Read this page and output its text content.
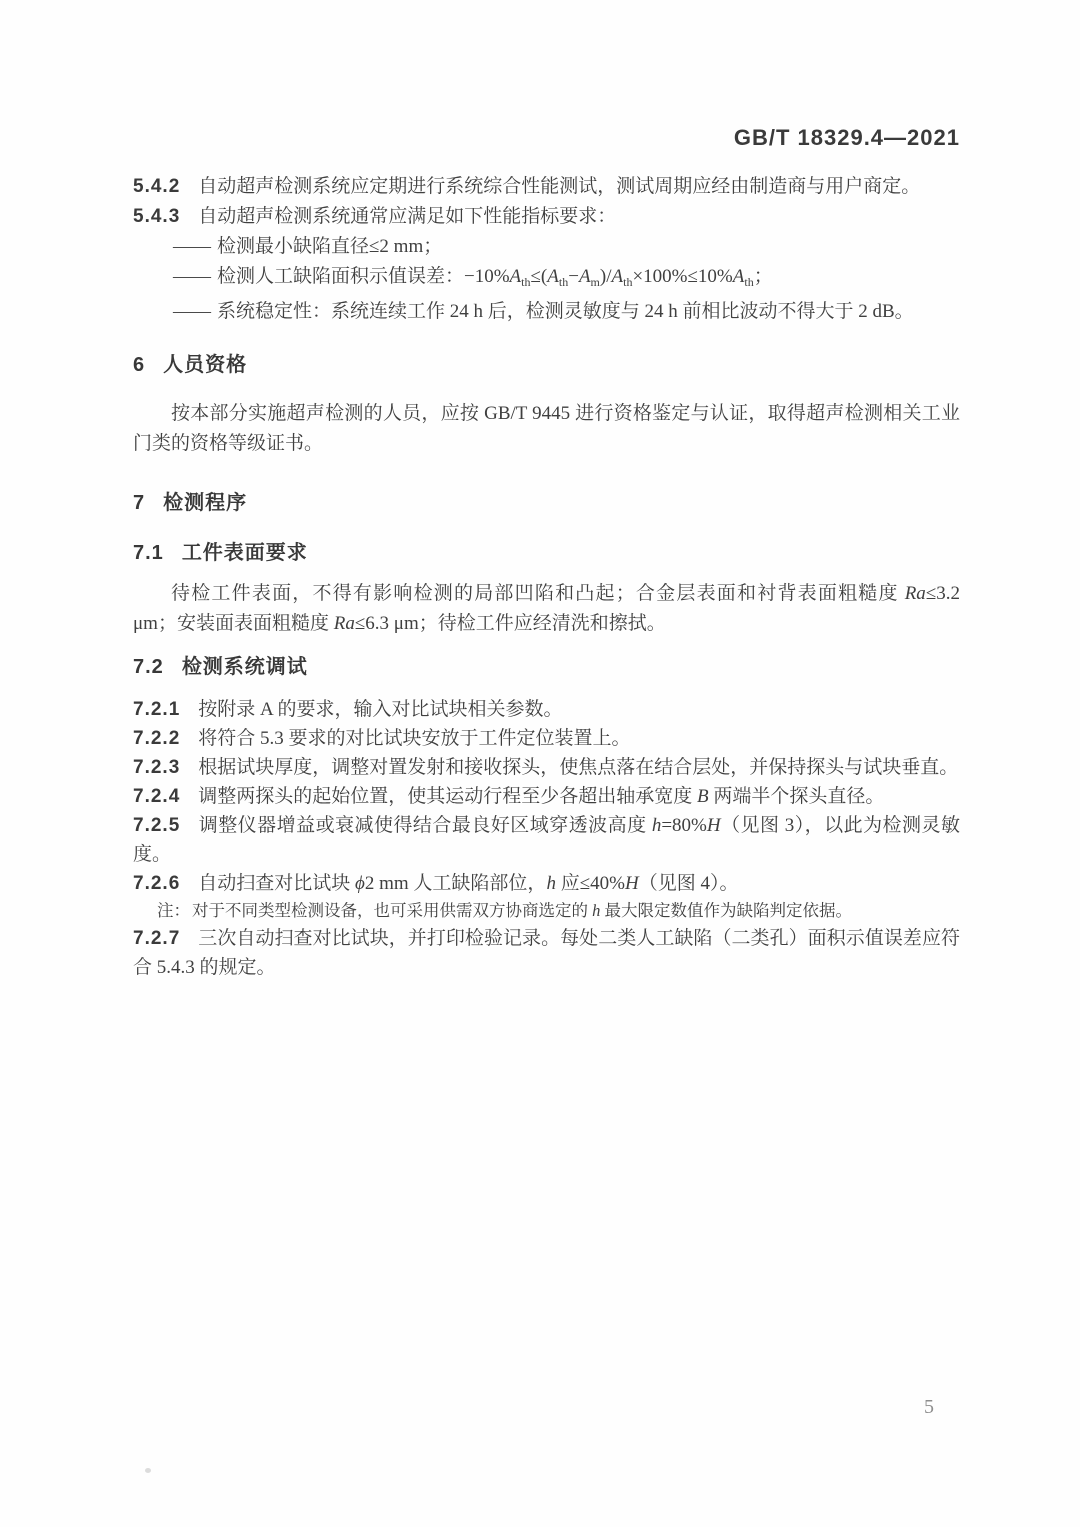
GB/T 18329.4—2021

5.4.2 自动超声检测系统应定期进行系统综合性能测试，测试周期应经由制造商与用户商定。

5.4.3 自动超声检测系统通常应满足如下性能指标要求：

—— 检测最小缺陷直径≤2 mm；

—— 检测人工缺陷面积示值误差：$-10\%A_{th}\le(A_{th}-A_m)/A_{th}\times 100\%\le 10\%A_{th}$；

—— 系统稳定性：系统连续工作 24 h 后，检测灵敏度与 24 h 前相比波动不得大于 2 dB。

6 人员资格

按本部分实施超声检测的人员，应按 GB/T 9445 进行资格鉴定与认证，取得超声检测相关工业门类的资格等级证书。

7 检测程序
7.1 工件表面要求

待检工件表面，不得有影响检测的局部凹陷和凸起；合金层表面和衬背表面粗糙度 Ra≤3.2 μm；安装面表面粗糙度 Ra≤6.3 μm；待检工件应经清洗和擦拭。

7.2 检测系统调试

7.2.1 按附录 A 的要求，输入对比试块相关参数。

7.2.2 将符合 5.3 要求的对比试块安放于工件定位装置上。

7.2.3 根据试块厚度，调整对置发射和接收探头，使焦点落在结合层处，并保持探头与试块垂直。

7.2.4 调整两探头的起始位置，使其运动行程至少各超出轴承宽度 B 两端半个探头直径。

7.2.5 调整仪器增益或衰减使得结合最良好区域穿透波高度 h=80%H（见图 3），以此为检测灵敏度。

7.2.6 自动扫查对比试块 ϕ2 mm 人工缺陷部位，h 应≤40%H（见图 4）。

注： 对于不同类型检测设备，也可采用供需双方协商选定的 h 最大限定数值作为缺陷判定依据。

7.2.7 三次自动扫查对比试块，并打印检验记录。每处二类人工缺陷（二类孔）面积示值误差应符合 5.4.3 的规定。

5
